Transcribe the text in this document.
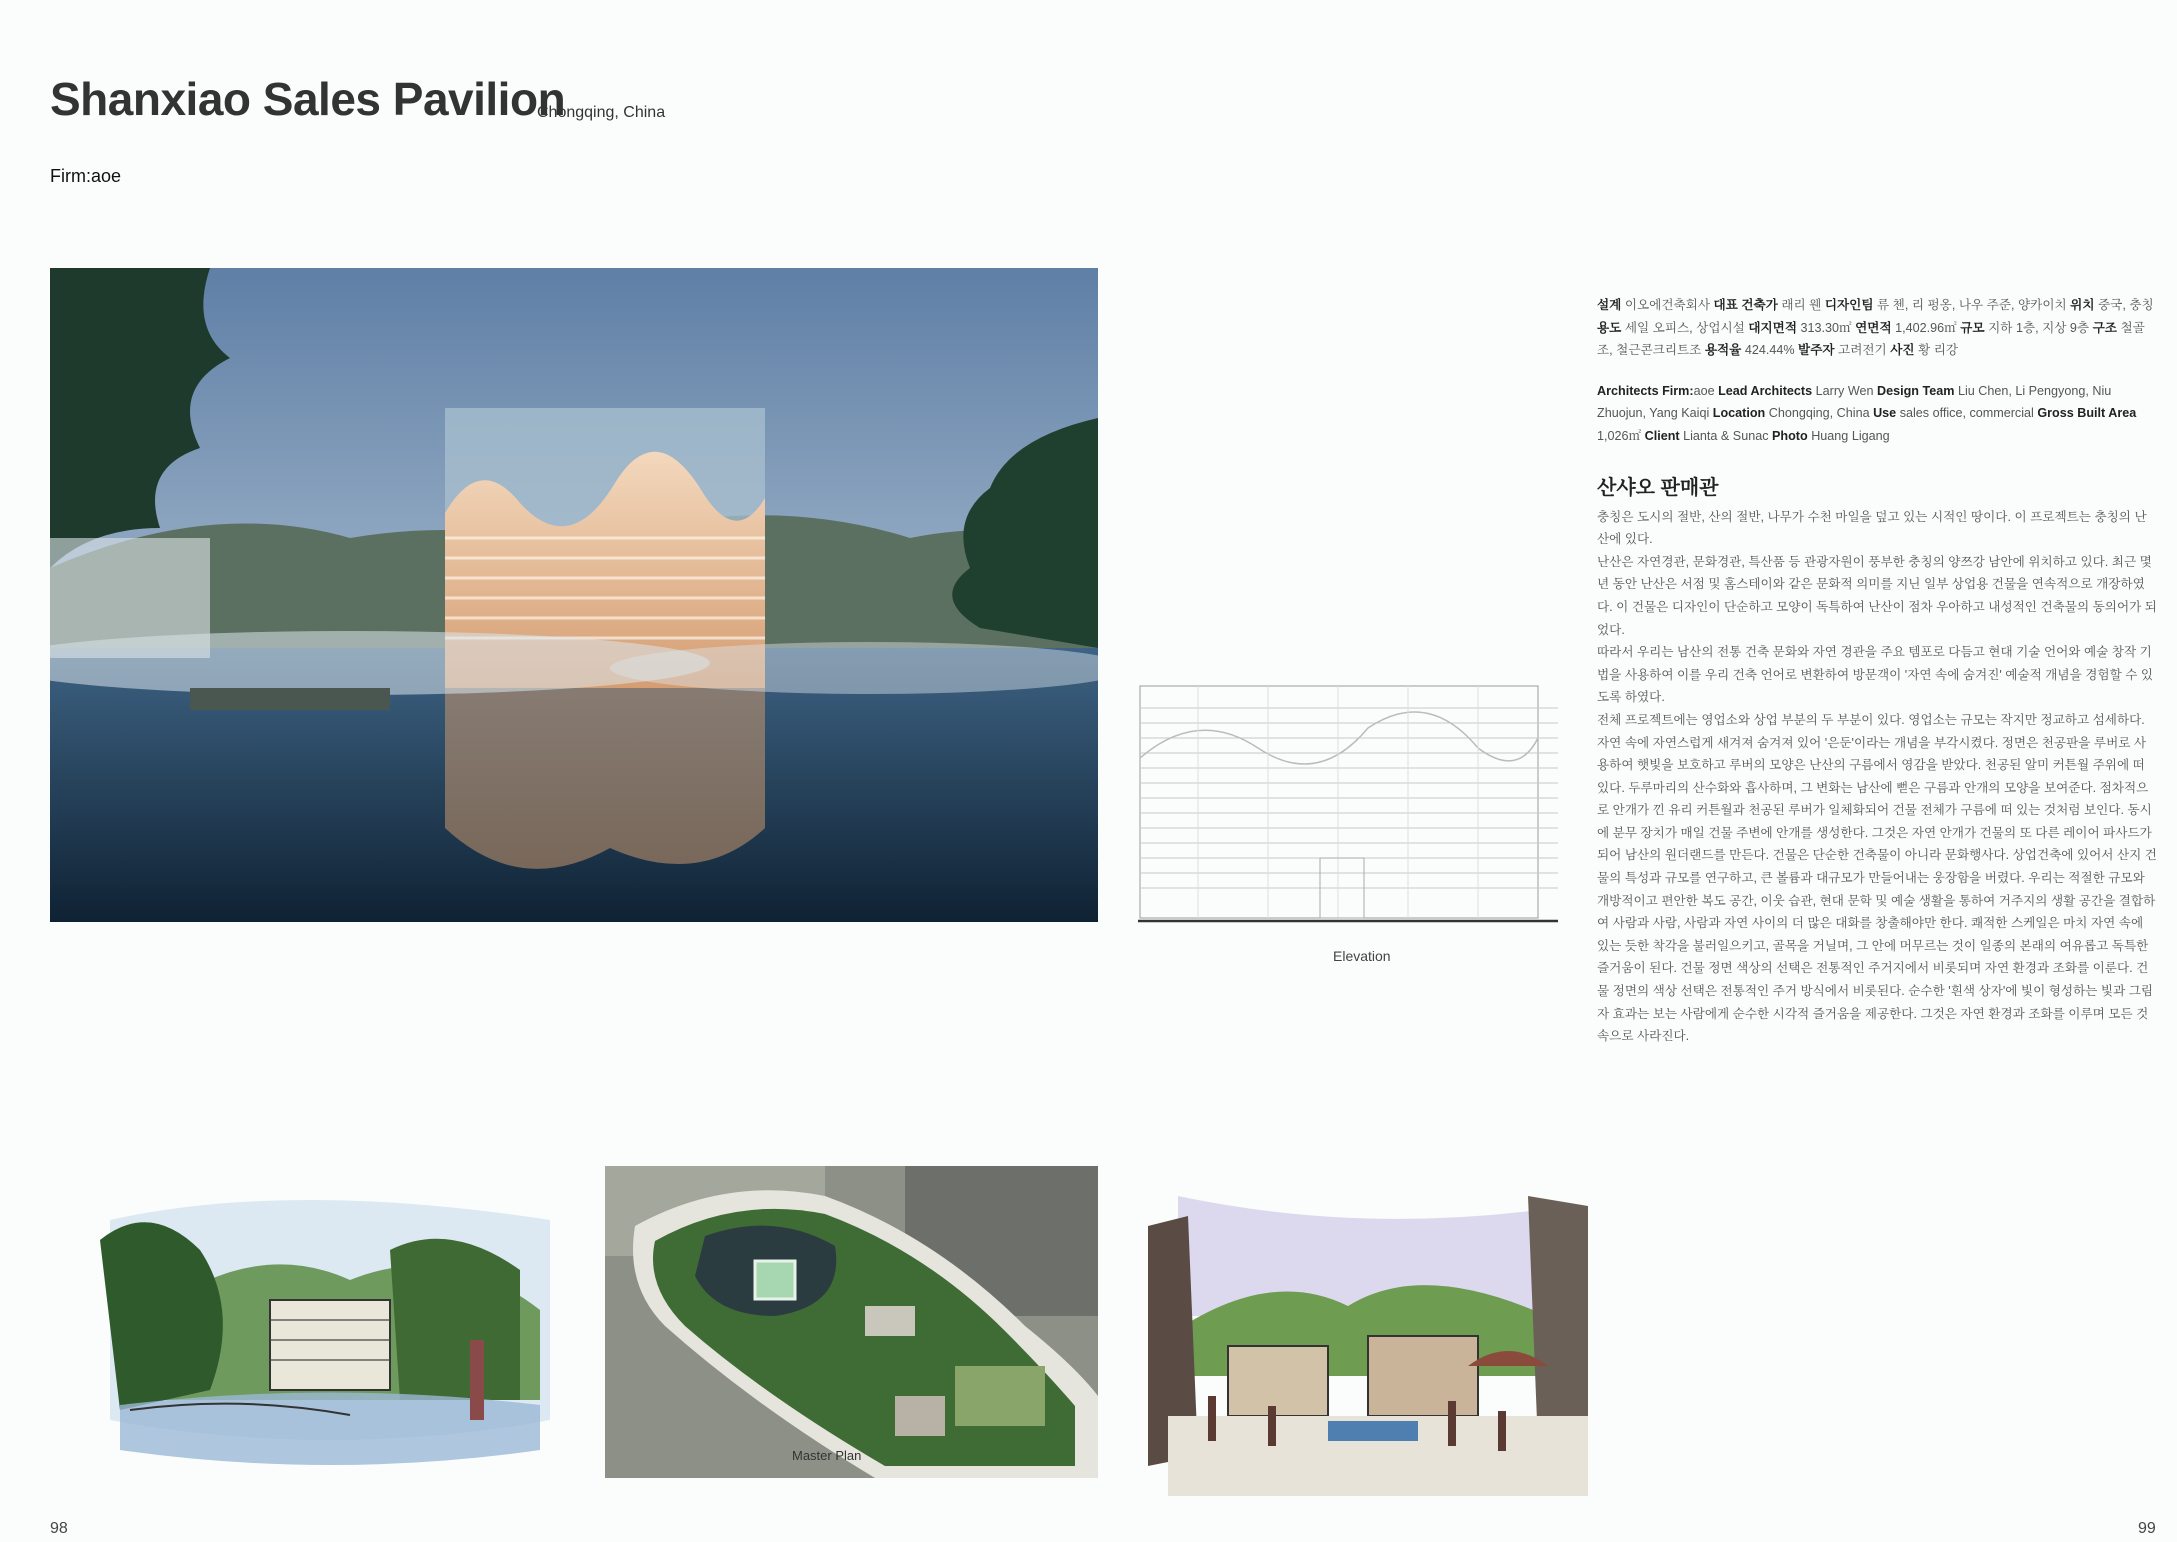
Shanxiao Sales Pavilion
Chongqing, China
Firm:aoe
Elevation

설계 이오에건축회사 대표 건축가 래리 웬 디자인팀 류 첸, 리 펑옹, 나우 주준, 양카이치 위치 중국, 충칭 용도 세일 오피스, 상업시설 대지면적 313.30㎡ 연면적 1,402.96㎡ 규모 지하 1층, 지상 9층 구조 철골조, 철근콘크리트조 용적율 424.44% 발주자 고려전기 사진 황 리강

Architects Firm:aoe Lead Architects Larry Wen Design Team Liu Chen, Li Pengyong, Niu Zhuojun, Yang Kaiqi Location Chongqing, China Use sales office, commercial Gross Built Area 1,026㎡ Client Lianta & Sunac Photo Huang Ligang

산샤오 판매관

충칭은 도시의 절반, 산의 절반, 나무가 수천 마일을 덮고 있는 시적인 땅이다. 이 프로젝트는 충칭의 난산에 있다.

난산은 자연경관, 문화경관, 특산품 등 관광자원이 풍부한 충칭의 양쯔강 남안에 위치하고 있다. 최근 몇 년 동안 난산은 서점 및 홈스테이와 같은 문화적 의미를 지닌 일부 상업용 건물을 연속적으로 개장하였다. 이 건물은 디자인이 단순하고 모양이 독특하여 난산이 점차 우아하고 내성적인 건축물의 동의어가 되었다.

따라서 우리는 남산의 전통 건축 문화와 자연 경관을 주요 템포로 다듬고 현대 기술 언어와 예술 창작 기법을 사용하여 이를 우리 건축 언어로 변환하여 방문객이 '자연 속에 숨겨진' 예술적 개념을 경험할 수 있도록 하였다.

전체 프로젝트에는 영업소와 상업 부분의 두 부분이 있다. 영업소는 규모는 작지만 정교하고 섬세하다. 자연 속에 자연스럽게 새겨져 숨겨져 있어 '은둔'이라는 개념을 부각시켰다. 정면은 천공판을 루버로 사용하여 햇빛을 보호하고 루버의 모양은 난산의 구름에서 영감을 받았다. 천공된 알미 커튼월 주위에 떠 있다. 두루마리의 산수화와 흡사하며, 그 변화는 남산에 뻗은 구름과 안개의 모양을 보여준다. 점차적으로 안개가 낀 유리 커튼월과 천공된 루버가 일체화되어 건물 전체가 구름에 떠 있는 것처럼 보인다. 동시에 분무 장치가 매일 건물 주변에 안개를 생성한다. 그것은 자연 안개가 건물의 또 다른 레이어 파사드가 되어 남산의 원더랜드를 만든다. 건물은 단순한 건축물이 아니라 문화행사다. 상업건축에 있어서 산지 건물의 특성과 규모를 연구하고, 큰 볼륨과 대규모가 만들어내는 웅장함을 버렸다. 우리는 적절한 규모와 개방적이고 편안한 복도 공간, 이웃 습관, 현대 문학 및 예술 생활을 통하여 거주지의 생활 공간을 결합하여 사람과 사람, 사람과 자연 사이의 더 많은 대화를 창출해야만 한다. 쾌적한 스케일은 마치 자연 속에 있는 듯한 착각을 불러일으키고, 골목을 거닐며, 그 안에 머무르는 것이 일종의 본래의 여유롭고 독특한 즐거움이 된다. 건물 정면 색상의 선택은 전통적인 주거지에서 비롯되며 자연 환경과 조화를 이룬다. 건물 정면의 색상 선택은 전통적인 주거 방식에서 비롯된다. 순수한 '흰색 상자'에 빛이 형성하는 빛과 그림자 효과는 보는 사람에게 순수한 시각적 즐거움을 제공한다. 그것은 자연 환경과 조화를 이루며 모든 것 속으로 사라진다.

Master Plan
98	99
